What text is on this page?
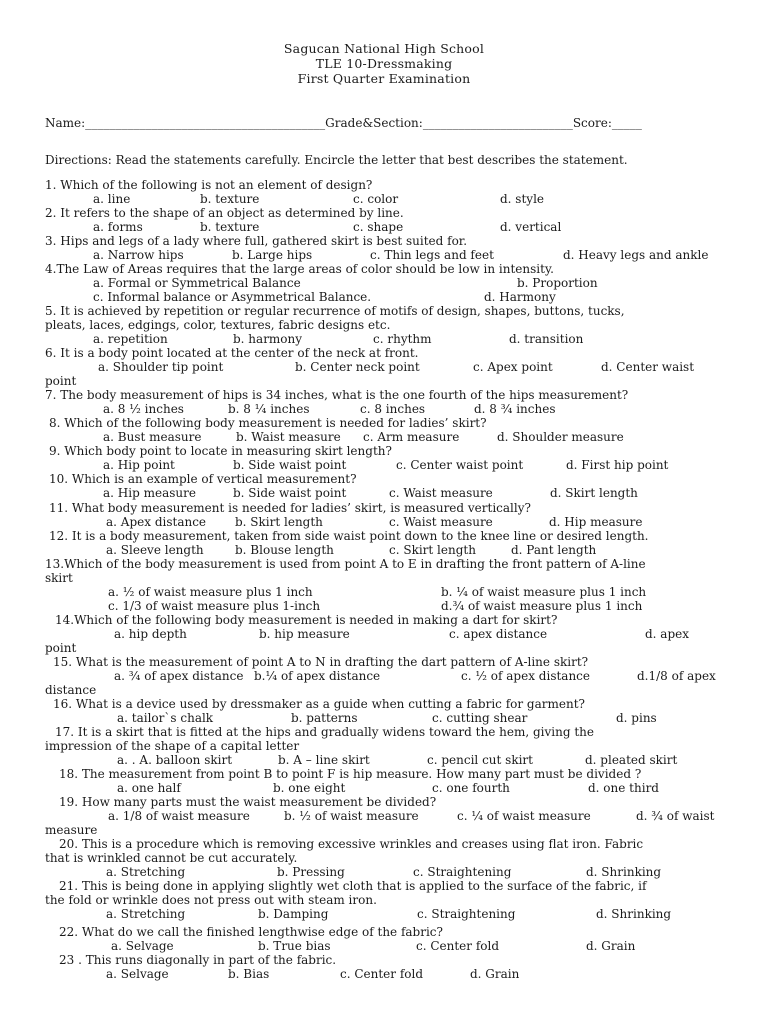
Sagucan National High School
TLE 10-Dressmaking
First Quarter Examination
Name:________________________________________Grade&Section:_________________________Score:_____
Directions: Read the statements carefully. Encircle the letter that best describes the statement.
1. Which of the following is not an element of design?
a. line	b. texture	c. color	d. style
2. It refers to the shape of an object as determined by line.
a. forms	b. texture	c. shape	d. vertical
3. Hips and legs of a lady where full, gathered skirt is best suited for.
a. Narrow hips	b. Large hips	c. Thin legs and feet	d. Heavy legs and ankle
4.The Law of Areas requires that the large areas of color should be low in intensity.
a. Formal or Symmetrical Balance	b. Proportion
c. Informal balance or Asymmetrical Balance.	d. Harmony
5. It is achieved by repetition or regular recurrence of motifs of design, shapes, buttons, tucks,
pleats, laces, edgings, color, textures, fabric designs etc.
a. repetition	b. harmony	c. rhythm	d. transition
6. It is a body point located at the center of the neck at front.
a. Shoulder tip point	b. Center neck point	c. Apex point	d. Center waist
point
7. The body measurement of hips is 34 inches, what is the one fourth of the hips measurement?
a. 8 ½ inches	b. 8 ¼ inches	c. 8 inches	d. 8 ¾ inches
8. Which of the following body measurement is needed for ladies’ skirt?
a. Bust measure	b. Waist measure c. Arm measure	d. Shoulder measure
9. Which body point to locate in measuring skirt length?
a. Hip point	b. Side waist point	c. Center waist point	d. First hip point
10. Which is an example of vertical measurement?
a. Hip measure	b. Side waist point	c. Waist measure	d. Skirt length
11. What body measurement is needed for ladies’ skirt, is measured vertically?
a. Apex distance b. Skirt length	c. Waist measure	d. Hip measure
12. It is a body measurement, taken from side waist point down to the knee line or desired length.
a. Sleeve length	b. Blouse length	c. Skirt length	d. Pant length
13.Which of the body measurement is used from point A to E in drafting the front pattern of A-line
skirt
a. ½ of waist measure plus 1 inch	b. ¼ of waist measure plus 1 inch
c. 1/3 of waist measure plus 1-inch	d.¾ of waist measure plus 1 inch
14.Which of the following body measurement is needed in making a dart for skirt?
a. hip depth	b. hip measure	c. apex distance	d. apex
point
15. What is the measurement of point A to N in drafting the dart pattern of A-line skirt?
a. ¾ of apex distance b.¼ of apex distance	c. ½ of apex distance	d.1/8 of apex
distance
16. What is a device used by dressmaker as a guide when cutting a fabric for garment?
a. tailor`s chalk	b. patterns	c. cutting shear	d. pins
17. It is a skirt that is fitted at the hips and gradually widens toward the hem, giving the
impression of the shape of a capital letter
a. . A. balloon skirt	b. A – line skirt	c. pencil cut skirt	d. pleated skirt
18. The measurement from point B to point F is hip measure. How many part must be divided ?
a. one half	b. one eight	c. one fourth	d. one third
19. How many parts must the waist measurement be divided?
a. 1/8 of waist measure	b. ½ of waist measure	c. ¼ of waist measure	d. ¾ of waist
measure
20. This is a procedure which is removing excessive wrinkles and creases using flat iron. Fabric
that is wrinkled cannot be cut accurately.
a. Stretching	b. Pressing	c. Straightening	d. Shrinking
21. This is being done in applying slightly wet cloth that is applied to the surface of the fabric, if
the fold or wrinkle does not press out with steam iron.
a. Stretching	b. Damping	c. Straightening	d. Shrinking
22. What do we call the finished lengthwise edge of the fabric?
a. Selvage	b. True bias	c. Center fold	d. Grain
23 . This runs diagonally in part of the fabric.
a. Selvage	b. Bias	c. Center fold	d. Grain
